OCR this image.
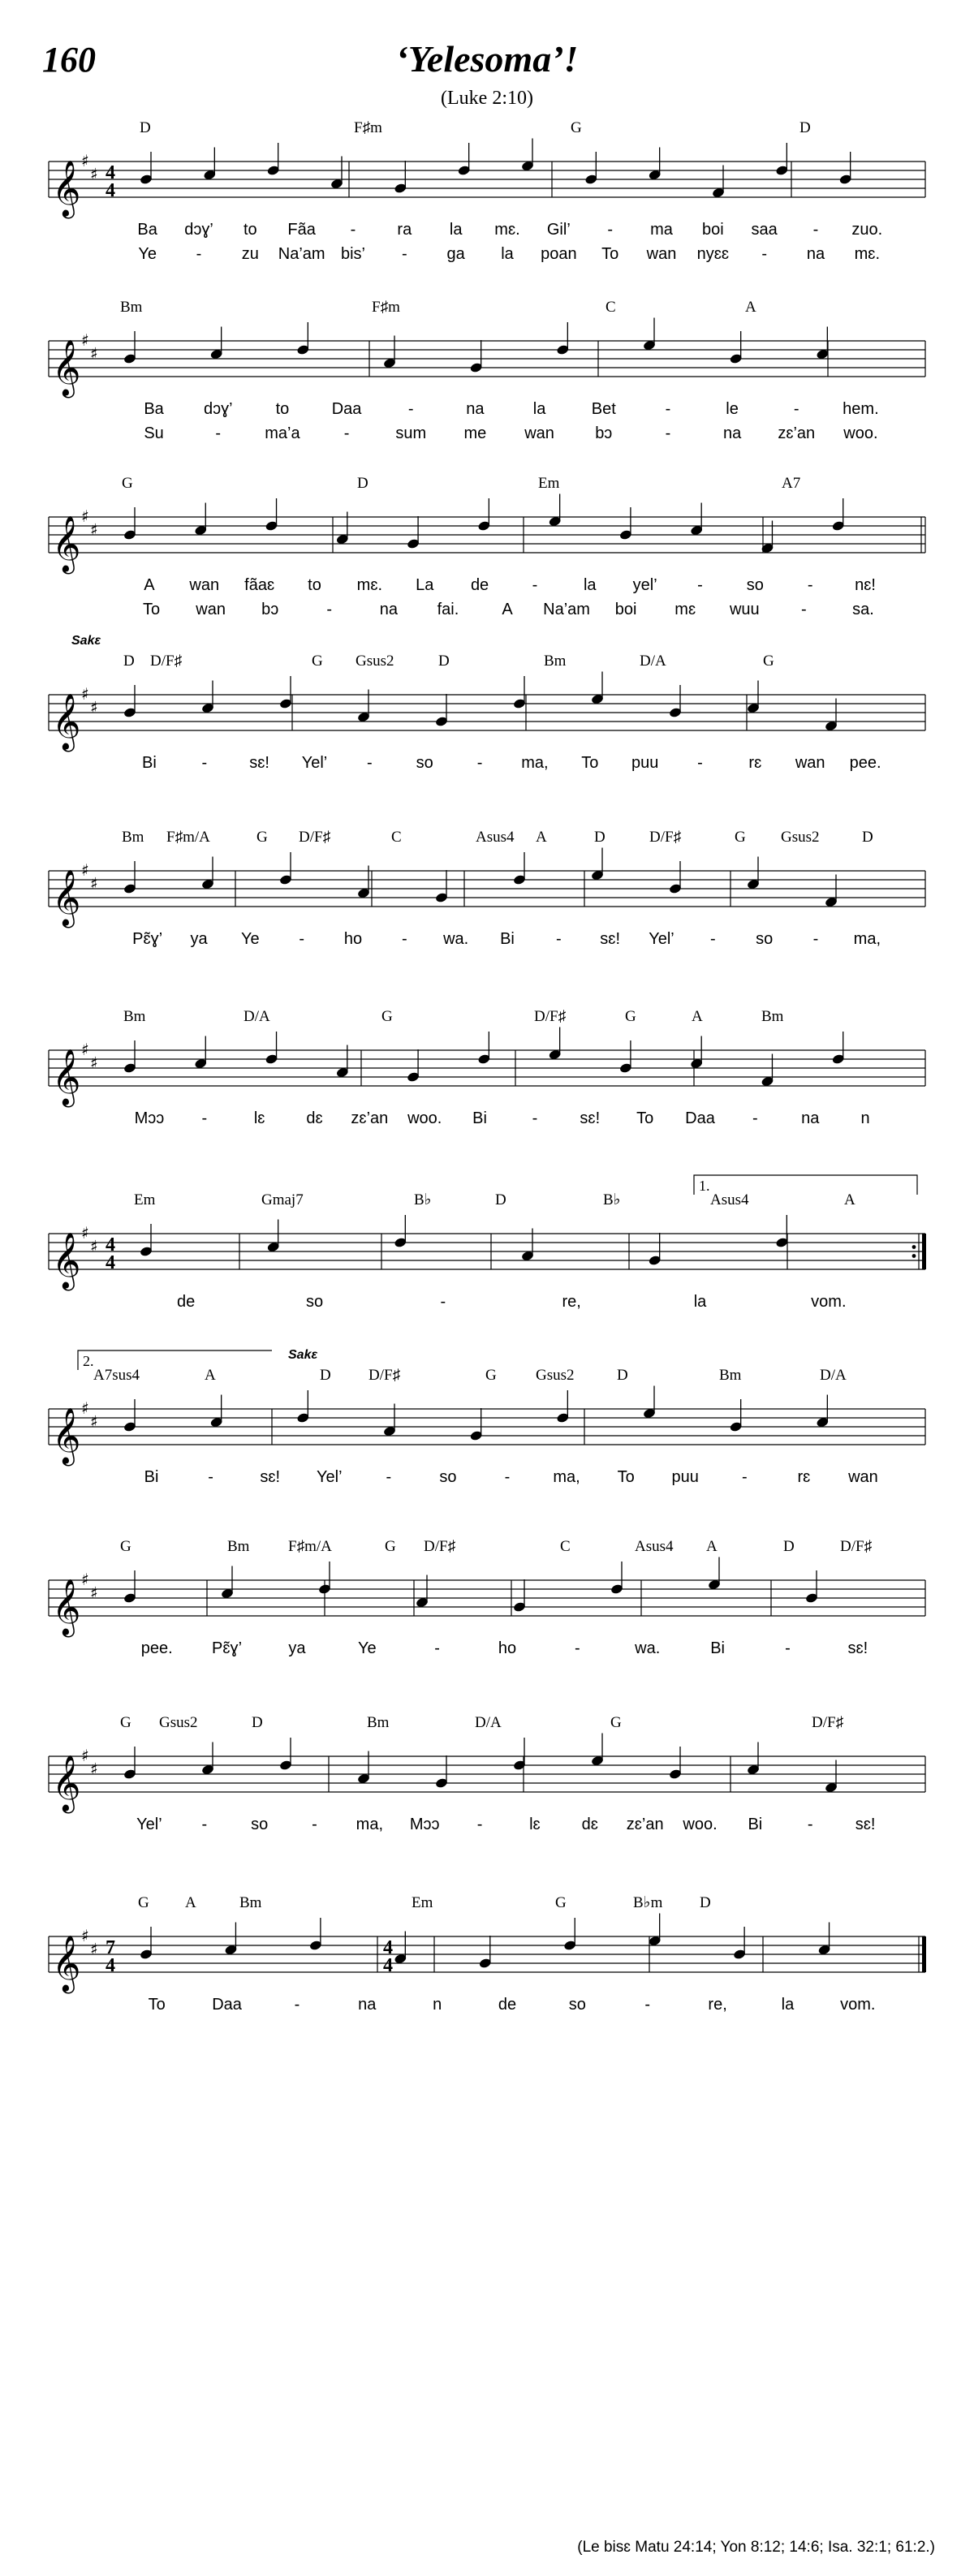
160	‘Yelesoma’!
(Luke 2:10)
𝄞 ♯
♯ 4
4
D	F♯m	G	D
Ba dɔɣ’ to Fãa -	ra la mɛ. Gil’ - ma boi saa - zuo.
Ye - zu Na’am bis’ - ga la poan To wan nyɛɛ - na mɛ.
𝄞 ♯
♯
Bm	F♯m	C	A
Ba dɔɣ’	to	Daa	-	na	la	Bet	-	le	-	hem.
Su	-	ma’a	-	sum me wan	bɔ	-	na zɛ’an woo.
𝄞 ♯
♯
G	D	Em	A7
A wan fãaɛ to mɛ. La de	-	la yel’ -	so	-	nɛ!
To wan bɔ	-	na fai.	A Na’am boi mɛ wuu	-	sa.
𝄞 ♯
♯
D D/F♯	G Gsus2	D	Bm	D/A	G
Sakɛ
Bi	-	sɛ! Yel’ -	so	- ma, To puu -	rɛ wan pee.
𝄞 ♯
♯
Bm F♯m/A	G D/F♯	C	Asus4 A	D	D/F♯	G Gsus2	D
Pɛ̃ɣ’ ya Ye - ho - wa. Bi	- sɛ! Yel’ - so - ma,
𝄞 ♯
♯
Bm	D/A	G	D/F♯	G	A	Bm
Mɔɔ -	lɛ	dɛ zɛ’an woo. Bi	-	sɛ! To Daa -	na	n
𝄞 ♯
♯ 4
4
Em	Gmaj7	B♭	D	B♭	Asus4	A
1.
de	so	-	re,	la	vom.
𝄞 ♯
♯
A7sus4	A	D D/F♯	G	Gsus2	D	Bm	D/A
Sakɛ
2.
Bi	-	sɛ! Yel’	-	so	-	ma, To puu	-	rɛ wan
𝄞 ♯
♯
G	Bm	F♯m/A	G D/F♯	C	Asus4 A	D	D/F♯
pee. Pɛ̃ɣ’	ya	Ye	-	ho	-	wa.	Bi	-	sɛ!
𝄞 ♯
♯
G Gsus2	D	Bm	D/A	G	D/F♯
Yel’ -	so	- ma, Mɔɔ -	lɛ	dɛ zɛ’an woo. Bi	-	sɛ!
𝄞 ♯
♯ 7
4
4
4
G A	Bm	Em	G	B♭m D
To	Daa	-	na	n	de	so	-	re,	la	vom.
(Le bisɛ Matu 24:14; Yon 8:12; 14:6; Isa. 32:1; 61:2.)
